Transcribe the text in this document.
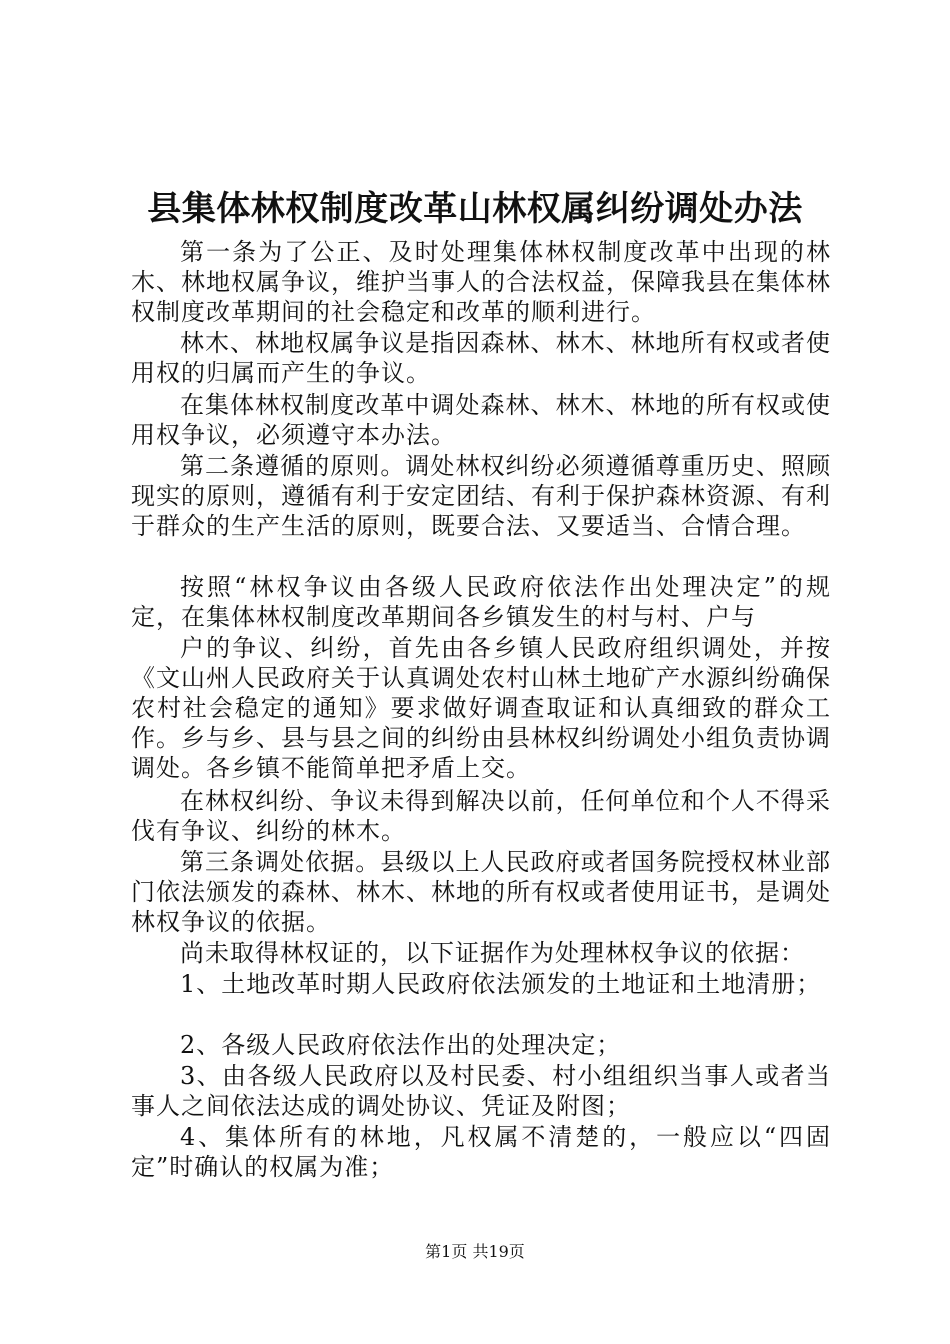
县集体林权制度改革山林权属纠纷调处办法
第一条为了公正、及时处理集体林权制度改革中出现的林木、林地权属争议，维护当事人的合法权益，保障我县在集体林权制度改革期间的社会稳定和改革的顺利进行。
林木、林地权属争议是指因森林、林木、林地所有权或者使用权的归属而产生的争议。
在集体林权制度改革中调处森林、林木、林地的所有权或使用权争议，必须遵守本办法。
第二条遵循的原则。调处林权纠纷必须遵循尊重历史、照顾现实的原则，遵循有利于安定团结、有利于保护森林资源、有利于群众的生产生活的原则，既要合法、又要适当、合情合理。
按照“林权争议由各级人民政府依法作出处理决定”的规定，在集体林权制度改革期间各乡镇发生的村与村、户与
户的争议、纠纷，首先由各乡镇人民政府组织调处，并按《文山州人民政府关于认真调处农村山林土地矿产水源纠纷确保农村社会稳定的通知》要求做好调查取证和认真细致的群众工作。乡与乡、县与县之间的纠纷由县林权纠纷调处小组负责协调调处。各乡镇不能简单把矛盾上交。
在林权纠纷、争议未得到解决以前，任何单位和个人不得采伐有争议、纠纷的林木。
第三条调处依据。县级以上人民政府或者国务院授权林业部门依法颁发的森林、林木、林地的所有权或者使用证书，是调处林权争议的依据。
尚未取得林权证的，以下证据作为处理林权争议的依据：
1、土地改革时期人民政府依法颁发的土地证和土地清册；
2、各级人民政府依法作出的处理决定；
3、由各级人民政府以及村民委、村小组组织当事人或者当事人之间依法达成的调处协议、凭证及附图；
4、集体所有的林地，凡权属不清楚的，一般应以“四固定”时确认的权属为准；
第1页 共19页
